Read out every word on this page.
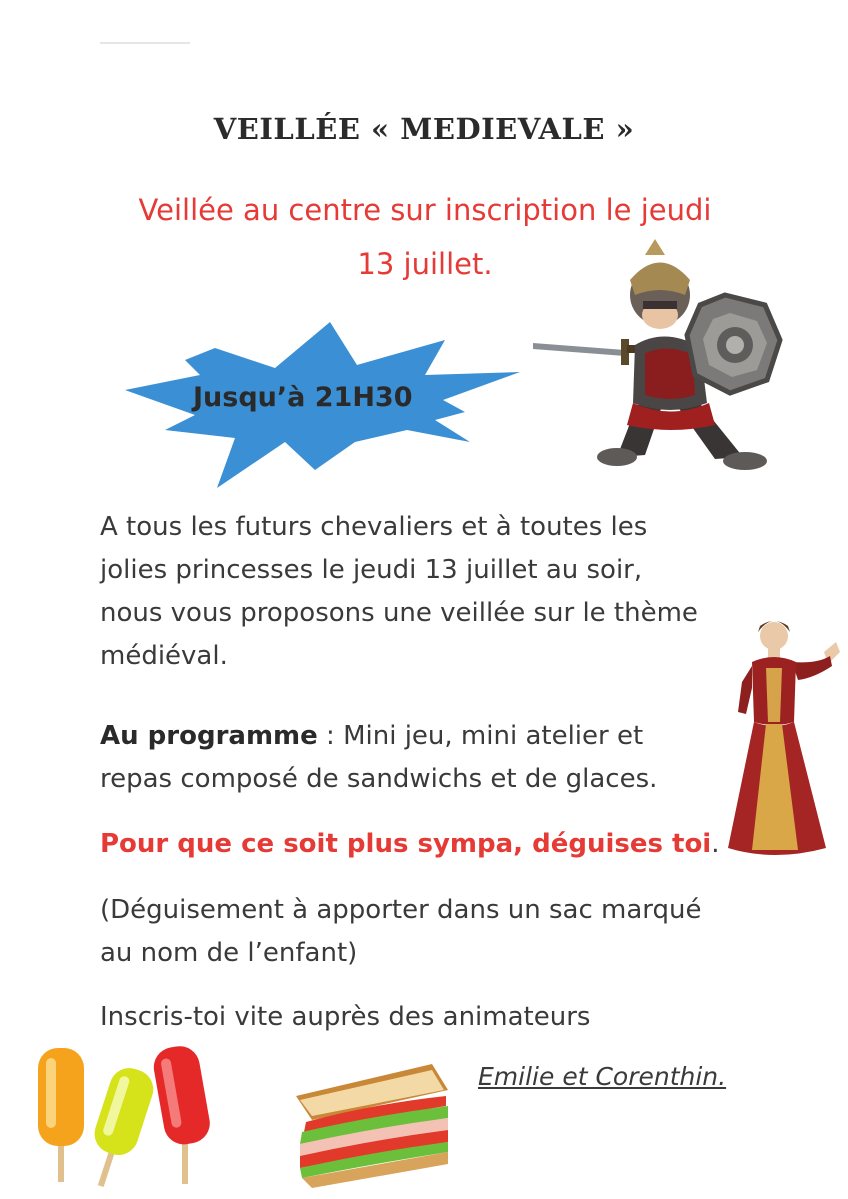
VEILLÉE « MEDIEVALE »
Veillée au centre sur inscription le jeudi
13 juillet.
Jusqu’à 21H30
A tous les futurs chevaliers et à toutes les
jolies princesses le jeudi 13 juillet au soir,
nous vous proposons une veillée sur le thème
médiéval.
Au programme : Mini jeu, mini atelier et
repas composé de sandwichs et de glaces.
Pour que ce soit plus sympa, déguises toi.
(Déguisement à apporter dans un sac marqué
au nom de l’enfant)
Inscris-toi vite auprès des animateurs
Emilie et Corenthin.
